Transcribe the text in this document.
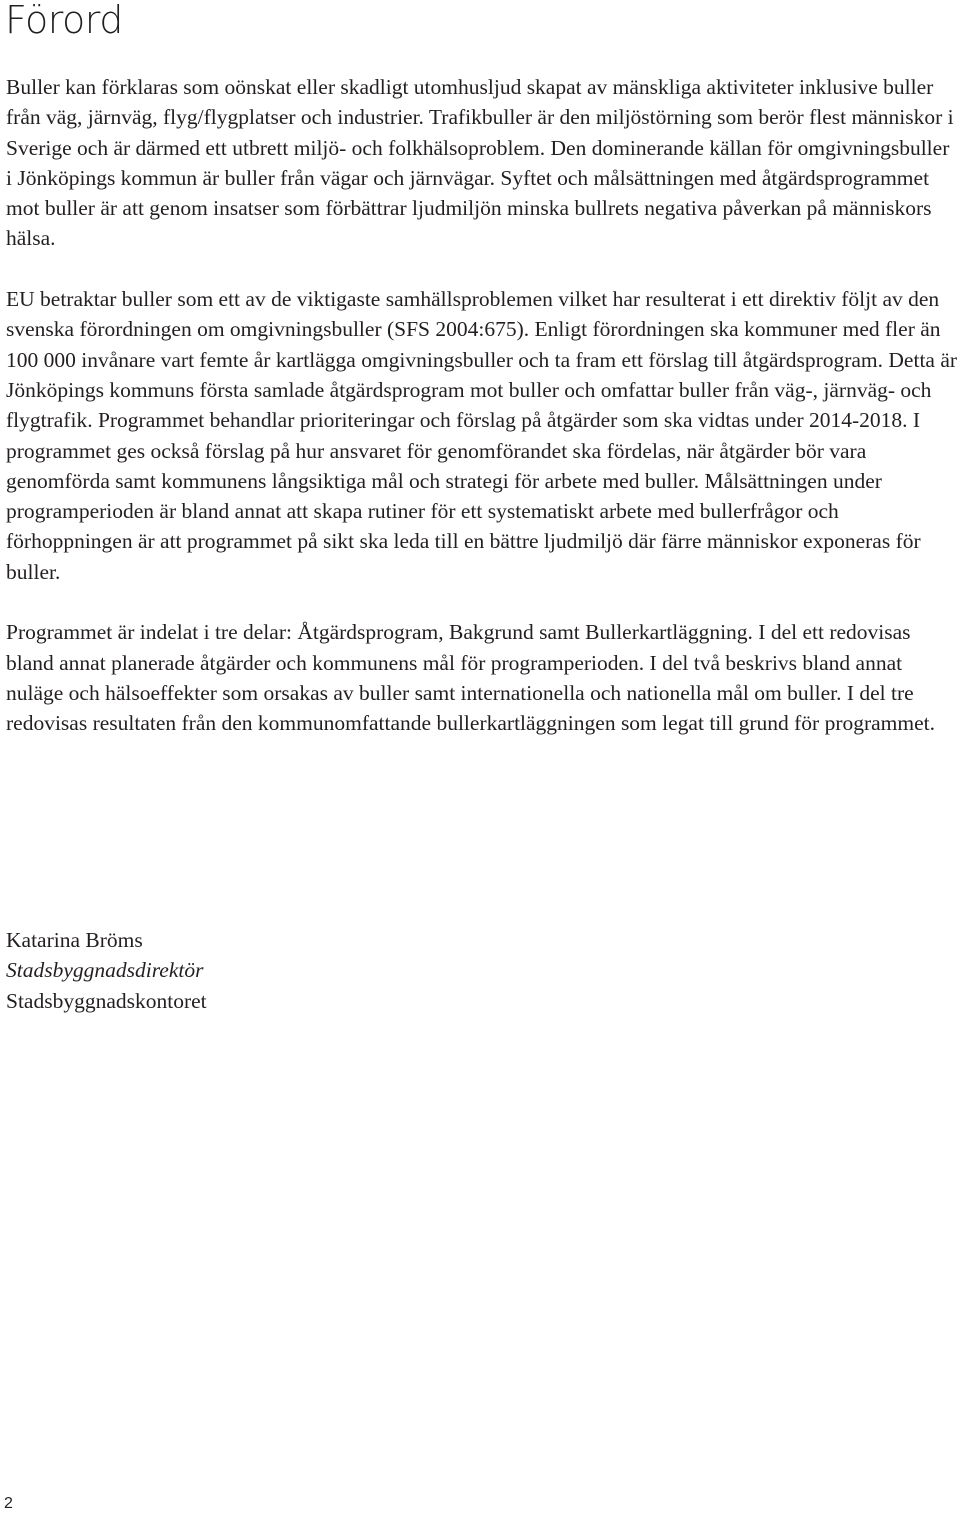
Förord

Buller kan förklaras som oönskat eller skadligt utomhusljud skapat av mänskliga aktiviteter inklusive buller från väg, järnväg, flyg/flygplatser och industrier. Trafikbuller är den miljöstörning som berör flest människor i Sverige och är därmed ett utbrett miljö- och folkhälsoproblem. Den dominerande källan för omgivningsbuller i Jönköpings kommun är buller från vägar och järnvägar. Syftet och målsättningen med åtgärdsprogrammet mot buller är att genom insatser som förbättrar ljudmiljön minska bullrets negativa påverkan på människors hälsa.

EU betraktar buller som ett av de viktigaste samhällsproblemen vilket har resulterat i ett direktiv följt av den svenska förordningen om omgivningsbuller (SFS 2004:675). Enligt förordningen ska kommuner med fler än 100 000 invånare vart femte år kartlägga omgivningsbuller och ta fram ett förslag till åtgärdsprogram. Detta är Jönköpings kommuns första samlade åtgärdsprogram mot buller och omfattar buller från väg-, järnväg- och flygtrafik. Programmet behandlar prioriteringar och förslag på åtgärder som ska vidtas under 2014-2018. I programmet ges också förslag på hur ansvaret för genomförandet ska fördelas, när åtgärder bör vara genomförda samt kommunens långsiktiga mål och strategi för arbete med buller. Målsättningen under programperioden är bland annat att skapa rutiner för ett systematiskt arbete med bullerfrågor och förhoppningen är att programmet på sikt ska leda till en bättre ljudmiljö där färre människor exponeras för buller.

Programmet är indelat i tre delar: Åtgärdsprogram, Bakgrund samt Bullerkartläggning. I del ett redovisas bland annat planerade åtgärder och kommunens mål för programperioden. I del två beskrivs bland annat nuläge och hälsoeffekter som orsakas av buller samt internationella och nationella mål om buller. I del tre redovisas resultaten från den kommunomfattande bullerkartläggningen som legat till grund för programmet.

Katarina Bröms
Stadsbyggnadsdirektör
Stadsbyggnadskontoret
2
